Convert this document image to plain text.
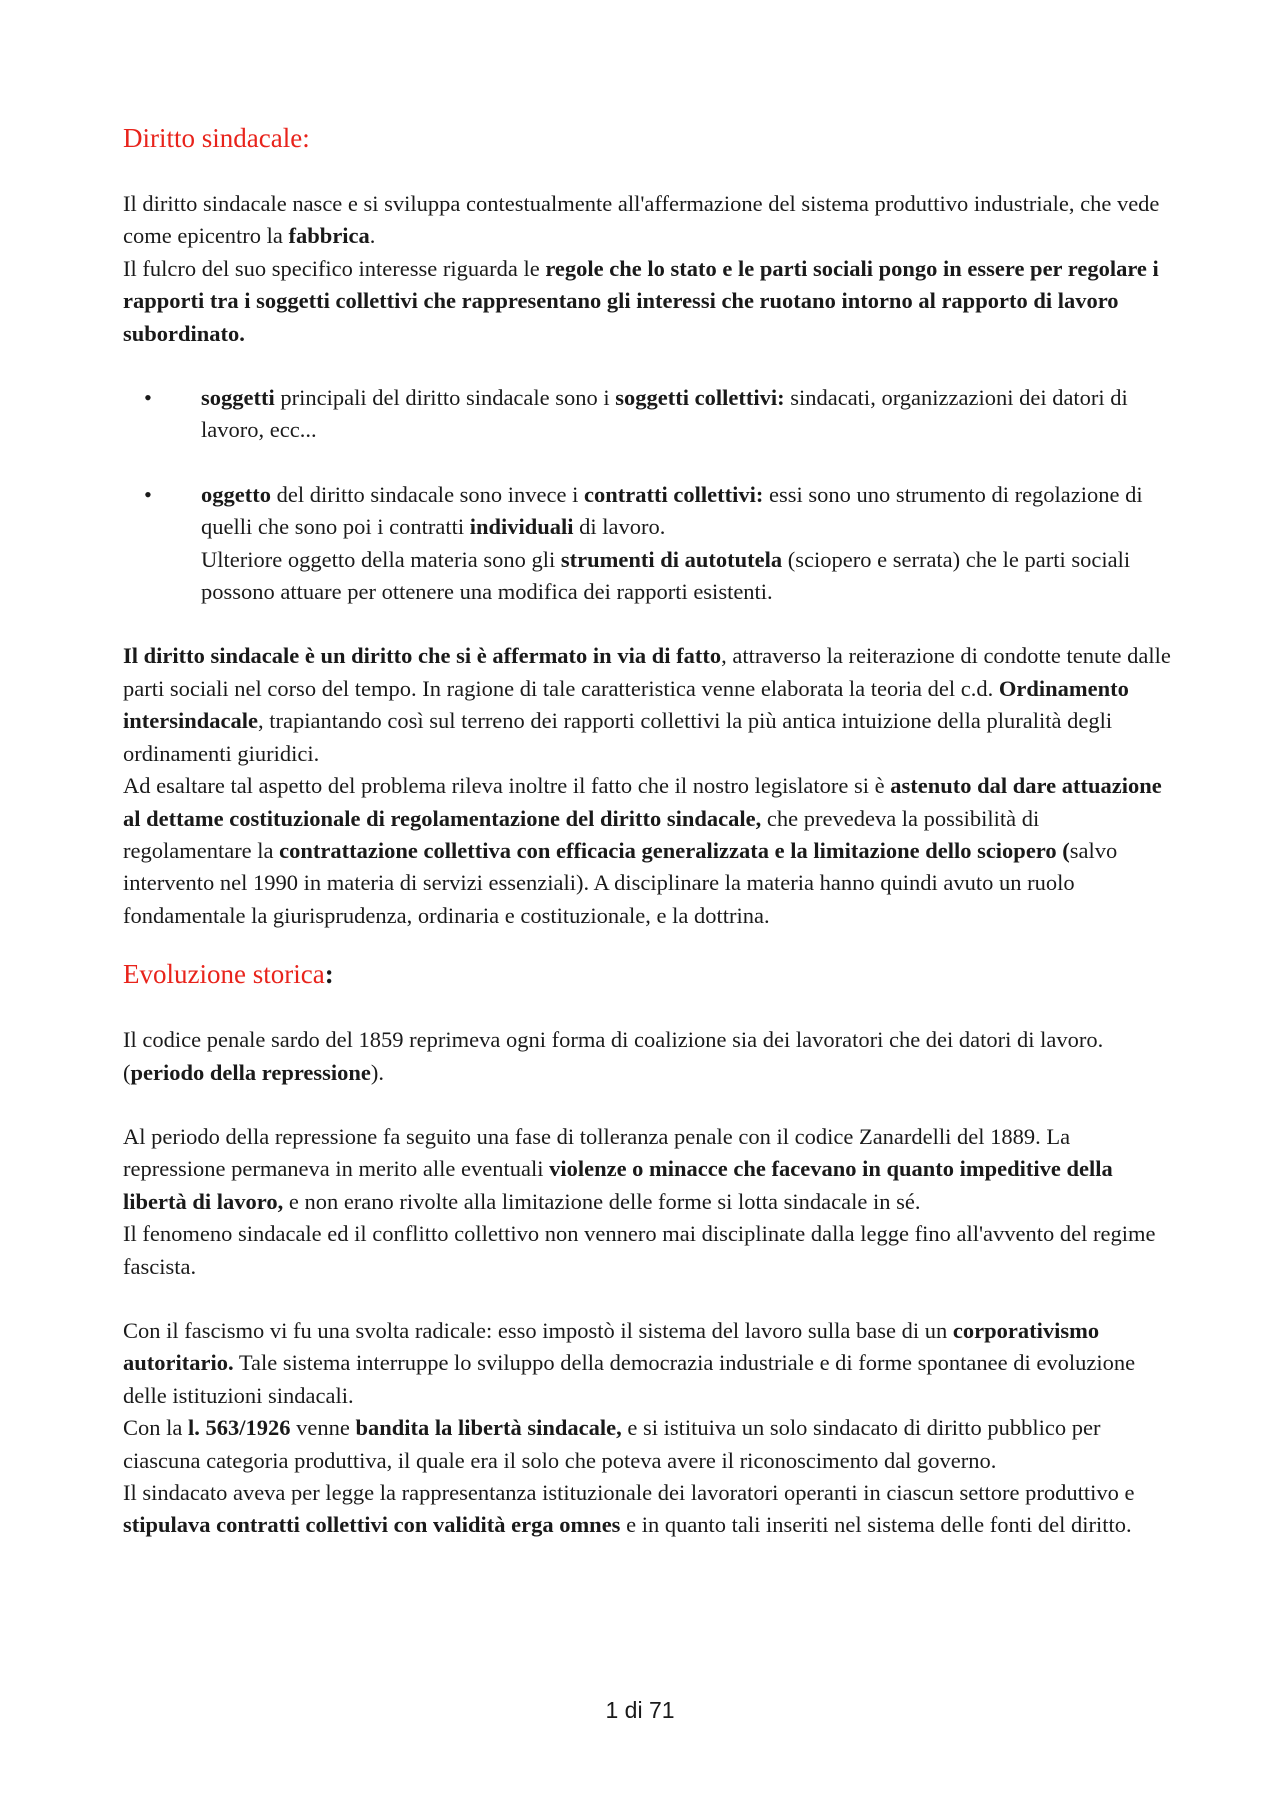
Diritto sindacale:

Il diritto sindacale nasce e si sviluppa contestualmente all'affermazione del sistema produttivo industriale, che vede come epicentro la fabbrica.

Il fulcro del suo specifico interesse riguarda le regole che lo stato e le parti sociali pongo in essere per regolare i rapporti tra i soggetti collettivi che rappresentano gli interessi che ruotano intorno al rapporto di lavoro subordinato.

• soggetti principali del diritto sindacale sono i soggetti collettivi: sindacati, organizzazioni dei datori di lavoro, ecc...
• oggetto del diritto sindacale sono invece i contratti collettivi: essi sono uno strumento di regolazione di quelli che sono poi i contratti individuali di lavoro.
Ulteriore oggetto della materia sono gli strumenti di autotutela (sciopero e serrata) che le parti sociali possono attuare per ottenere una modifica dei rapporti esistenti.

Il diritto sindacale è un diritto che si è affermato in via di fatto, attraverso la reiterazione di condotte tenute dalle parti sociali nel corso del tempo. In ragione di tale caratteristica venne elaborata la teoria del c.d. Ordinamento intersindacale, trapiantando così sul terreno dei rapporti collettivi la più antica intuizione della pluralità degli ordinamenti giuridici.

Ad esaltare tal aspetto del problema rileva inoltre il fatto che il nostro legislatore si è astenuto dal dare attuazione al dettame costituzionale di regolamentazione del diritto sindacale, che prevedeva la possibilità di regolamentare la contrattazione collettiva con efficacia generalizzata e la limitazione dello sciopero (salvo intervento nel 1990 in materia di servizi essenziali). A disciplinare la materia hanno quindi avuto un ruolo fondamentale la giurisprudenza, ordinaria e costituzionale, e la dottrina.

Evoluzione storica:

Il codice penale sardo del 1859 reprimeva ogni forma di coalizione sia dei lavoratori che dei datori di lavoro. (periodo della repressione).

Al periodo della repressione fa seguito una fase di tolleranza penale con il codice Zanardelli del 1889. La repressione permaneva in merito alle eventuali violenze o minacce che facevano in quanto impeditive della libertà di lavoro, e non erano rivolte alla limitazione delle forme si lotta sindacale in sé.

Il fenomeno sindacale ed il conflitto collettivo non vennero mai disciplinate dalla legge fino all'avvento del regime fascista.

Con il fascismo vi fu una svolta radicale: esso impostò il sistema del lavoro sulla base di un corporativismo autoritario. Tale sistema interruppe lo sviluppo della democrazia industriale e di forme spontanee di evoluzione delle istituzioni sindacali.

Con la l. 563/1926 venne bandita la libertà sindacale, e si istituiva un solo sindacato di diritto pubblico per ciascuna categoria produttiva, il quale era il solo che poteva avere il riconoscimento dal governo.

Il sindacato aveva per legge la rappresentanza istituzionale dei lavoratori operanti in ciascun settore produttivo e stipulava contratti collettivi con validità erga omnes e in quanto tali inseriti nel sistema delle fonti del diritto.

1 di 71
